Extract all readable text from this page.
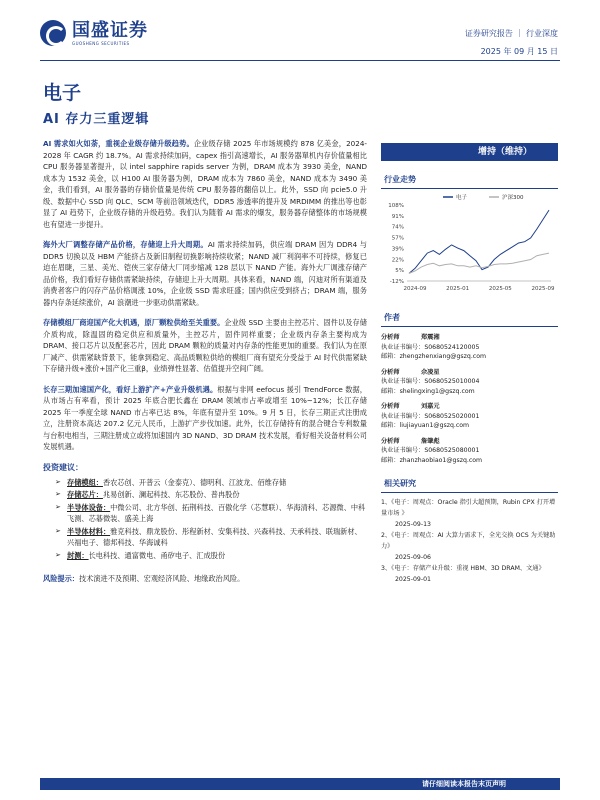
国盛证券
GUOSHENG SECURITIES
证券研究报告 ｜ 行业深度
2025 年 09 月 15 日
电子
AI 存力三重逻辑

AI 需求如火如荼，重视企业级存储升级趋势。企业级存储 2025 年市场规模约 878 亿美金，2024-2028 年 CAGR 约 18.7%。AI 需求持续加码，capex 指引高速增长，AI 服务器單机内存价值量相比 CPU 服务器显著提升，以 intel sapphire rapids server 为例，DRAM 成本为 3930 美金，NAND 成本为 1532 美金，以 H100 AI 服务器为例，DRAM 成本为 7860 美金，NAND 成本为 3490 美金，我们看到，AI 服务器的存储价值量是传统 CPU 服务器的翻倍以上。此外，SSD 向 pcie5.0 升级、数据中心 SSD 向 QLC、SCM 等前沿领域迭代，DDR5 渗透率的提升及 MRDIMM 的推出等也彰显了 AI 趋势下，企业级存储的升级趋势。我们认为随着 AI 需求的爆发，服务器存储整体的市场规模也有望进一步提升。

海外大厂调整存储产品价格，存储迎上升大周期。AI 需求持续加码，供应端 DRAM 因为 DDR4 与 DDR5 切换以及 HBM 产能挤占及新旧制程切换影响持续收紧；NAND 减厂利润率不可持续，修复已迫在眉睫，三星、美光、铠侠三家存储大厂同步缩减 128 层以下 NAND 产能。海外大厂调涨存储产品价格，我们看好存储供需紧缺持续，存储迎上升大周期。具体来看，NAND 端，闪迪对所有渠道及消费者客户的闪存产品价格调涨 10%，企业级 SSD 需求旺盛；国内供应受到挤占；DRAM 端，服务器内存条延续涨价，AI 浪潮进一步驱动供需紧缺。

存储模组厂商迎国产化大机遇，原厂颗粒供给至关重要。企业级 SSD 主要由主控芯片、固件以及存储介质构成，除温固的稳定供应和质量外，主控芯片，固件同样重要；企业级内存条主要构成为 DRAM、接口芯片以及配套芯片，因此 DRAM 颗粒的质量对内存条的性能更加的重要。我们认为在原厂减产、供需紧缺背景下，能拿到稳定、高品质颗粒供给的模组厂商有望充分受益于 AI 时代供需紧缺下存储升级+涨价+国产化三重β，业绩弹性显著、估值提升空间广阔。

长存三期加速国产化，看好上游扩产+产业升级机遇。根据与非网 eefocus 援引 TrendForce 数据，从市场占有率看，预计 2025 年底合肥长鑫在 DRAM 领域市占率或增至 10%~12%；长江存储 2025 年一季度全球 NAND 市占率已达 8%，年底有望升至 10%。9 月 5 日，长存三期正式注册成立，注册资本高达 207.2 亿元人民币，上游扩产步伐加速。此外，长江存储持有的混合键合专利数量与台积电相当，三期注册成立或将加速国内 3D NAND、3D DRAM 技术发展，看好相关设备材料公司发展机遇。

投资建议：
➢ 存储模组：香农芯创、开普云（金泰克）、德明利、江波龙、佰维存储
➢ 存储芯片：兆易创新、澜起科技、东芯股份、普冉股份
➢ 半导体设备：中微公司、北方华创、拓荆科技、百傲化学（芯慧联）、华海清科、芯源微、中科飞测、芯碁微装、盛美上海
➢ 半导体材料：雅克科技、鼎龙股份、彤程新材、安集科技、兴森科技、天承科技、联瑞新材、兴福电子、德邦科技、华海诚科
➢ 封测：长电科技、通富微电、甬矽电子、汇成股份

风险提示：技术演进不及预期、宏观经济风险、地缘政治风险。

增持（维持）
行业走势
-12%
5%
22%
39%
57%
74%
91%
108%
2024-09	2025-01	2025-05	2025-09
电子	沪深300
作者
分析师	郑震湘
执业证书编号：S0680524120005
邮箱：zhengzhenxiang@gszq.com
分析师	佘凌星
执业证书编号：S0680525010004
邮箱：shelingxing1@gszq.com
分析师	刘嘉元
执业证书编号：S0680525020001
邮箱：liujiayuan1@gszq.com
分析师	詹肇彪
执业证书编号：S0680525080001
邮箱：zhanzhaobiao1@gszq.com
相关研究
1、《电子：周观点：Oracle 指引大超预期，Rubin CPX 打开增量市场 》
2025-09-13
2、《电子：周观点：AI 大算力需求下，全光交换 OCS 为关键助力》
2025-09-06
3、《电子：存储产业升级：重视 HBM、3D DRAM、文通》
2025-09-01
请仔细阅读本报告末页声明
